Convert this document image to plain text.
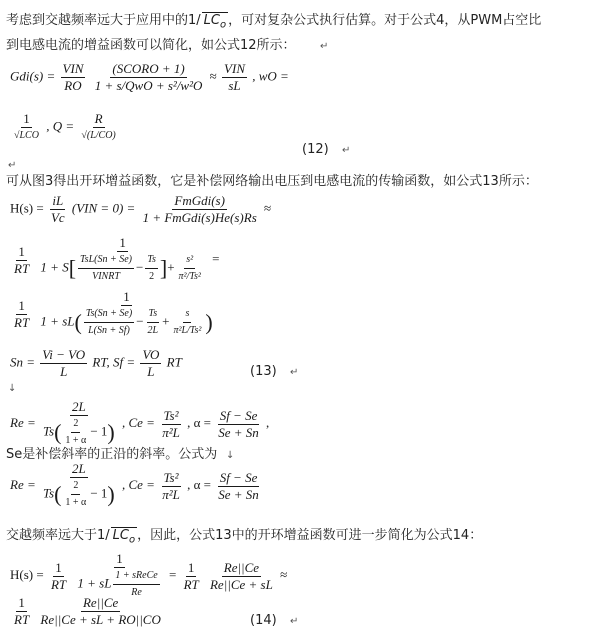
考虑到交越频率远大于应用中的1/ $LC_o$ ，可对复杂公式执行估算。对于公式4，从PWM占空比
到电感电流的增益函数可以简化，如公式12所示： ↵
$Gdi(s) = \frac{\text{VIN}}{RO}$
$\frac{\text{(SCORO + 1)}}{\text{1 + s/QwO + s²/w²O}} \approx \frac{\text{VIN}}{sL}$ , wO =
$\frac{1}{\text{√LCO}}$ , $Q = \frac{R}{√(L/CO)}$
(12) ↵
↵
可从图3得出开环增益函数，它是补偿网络输出电压到电感电流的传输函数，如公式13所示：
$H(s) = \frac{iL}{Vc} (VIN = 0) = \frac{\text{FmGdi(s)}}{\text{1 + FmGdi(s)He(s)Rs}}$ ≈
$\frac{1}{RT}$
$\frac{1}{1 + S[ \frac{\text{TsL(Sn + Se)}}{\text{VINRT}} - \frac{Ts}{2} ]+ \frac{\text{s²}}{\text{π²/Ts²}}}$ =
$\frac{1}{RT}$
$\frac{1}{1 + sL( \frac{Ts(Sn + Se)}{L(Sn + Sf)} - \frac{Ts}{2L} + \frac{s}{\text{π²L/Ts²}} )}$
$Sn = \frac{Vi - VO}{L}$ RT, $Sf = \frac{VO}{L}$ RT
(13) ↵
↓
$Re = \frac{2L}{Ts( \frac{2}{1 + \alpha} - 1)}$ , $Ce = \frac{\text{Ts²}}{\text{π²L}}$ , $\alpha = \frac{Sf - Se}{Se + Sn}$ ,
Se是补偿斜率的正沿的斜率。公式为 ↓
$Re = \frac{2L}{Ts( \frac{2}{1 + \alpha} - 1)}$ , $Ce = \frac{\text{Ts²}}{\text{π²L}}$ , $\alpha = \frac{Sf - Se}{Se + Sn}$
交越频率远大于1/ $LC_o$ ，因此，公式13中的开环增益函数可进一步简化为公式14：
$H(s) = \frac{1}{RT}$
$\frac{1}{1 + sL \frac{\text{1 + sReCe}}{Re}} = \frac{1}{RT}$
$\frac{Re||Ce}{Re||Ce + sL}$ ≈
$\frac{1}{RT}$
$\frac{Re||Ce}{Re||Ce + sL + RO||CO}$	(14) ↵
